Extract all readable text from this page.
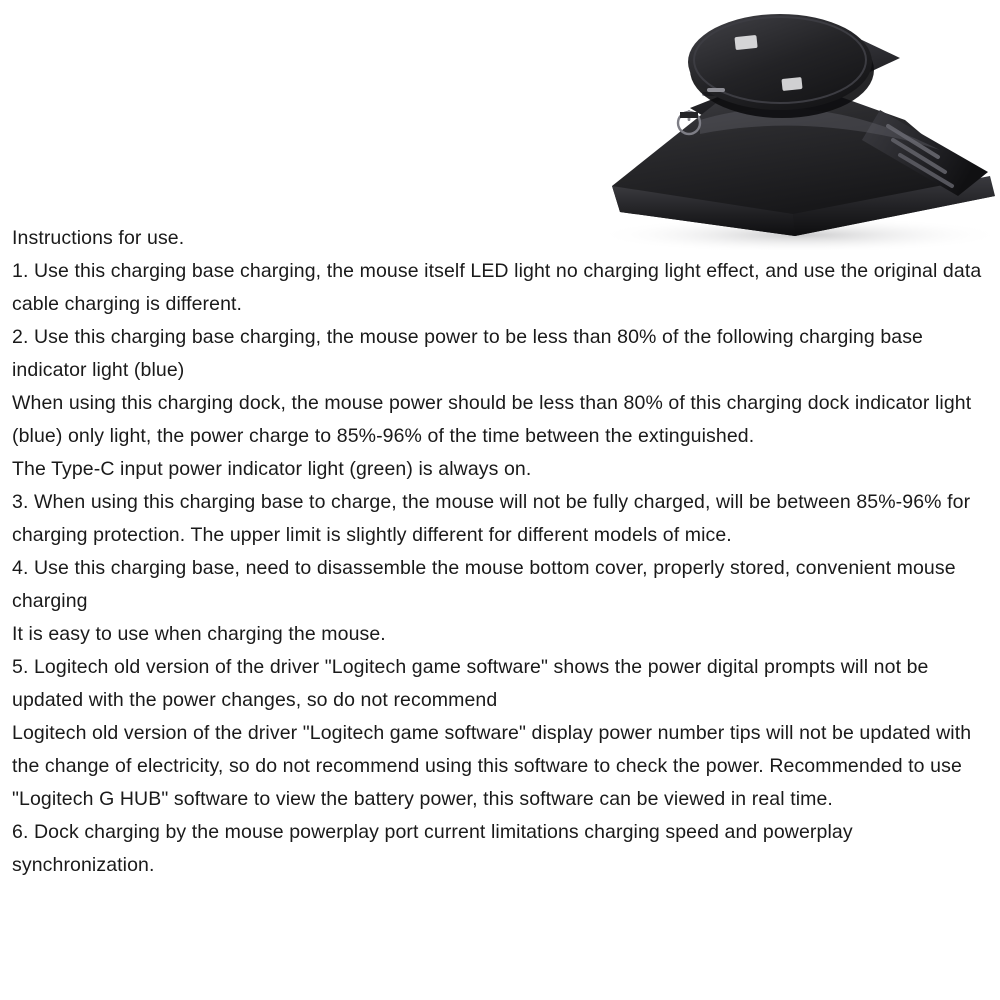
Instructions for use.

1. Use this charging base charging, the mouse itself LED light no charging light effect, and use the original data cable charging is different.

2. Use this charging base charging, the mouse power to be less than 80% of the following charging base indicator light (blue)

When using this charging dock, the mouse power should be less than 80% of this charging dock indicator light (blue) only light, the power charge to 85%-96% of the time between the extinguished.

The Type-C input power indicator light (green) is always on.

3. When using this charging base to charge, the mouse will not be fully charged, will be between 85%-96% for charging protection. The upper limit is slightly different for different models of mice.

4. Use this charging base, need to disassemble the mouse bottom cover, properly stored, convenient mouse charging

It is easy to use when charging the mouse.

5. Logitech old version of the driver "Logitech game software" shows the power digital prompts will not be updated with the power changes, so do not recommend

Logitech old version of the driver "Logitech game software" display power number tips will not be updated with the change of electricity, so do not recommend using this software to check the power. Recommended to use "Logitech G HUB" software to view the battery power, this software can be viewed in real time.

6. Dock charging by the mouse powerplay port current limitations charging speed and powerplay synchronization.
